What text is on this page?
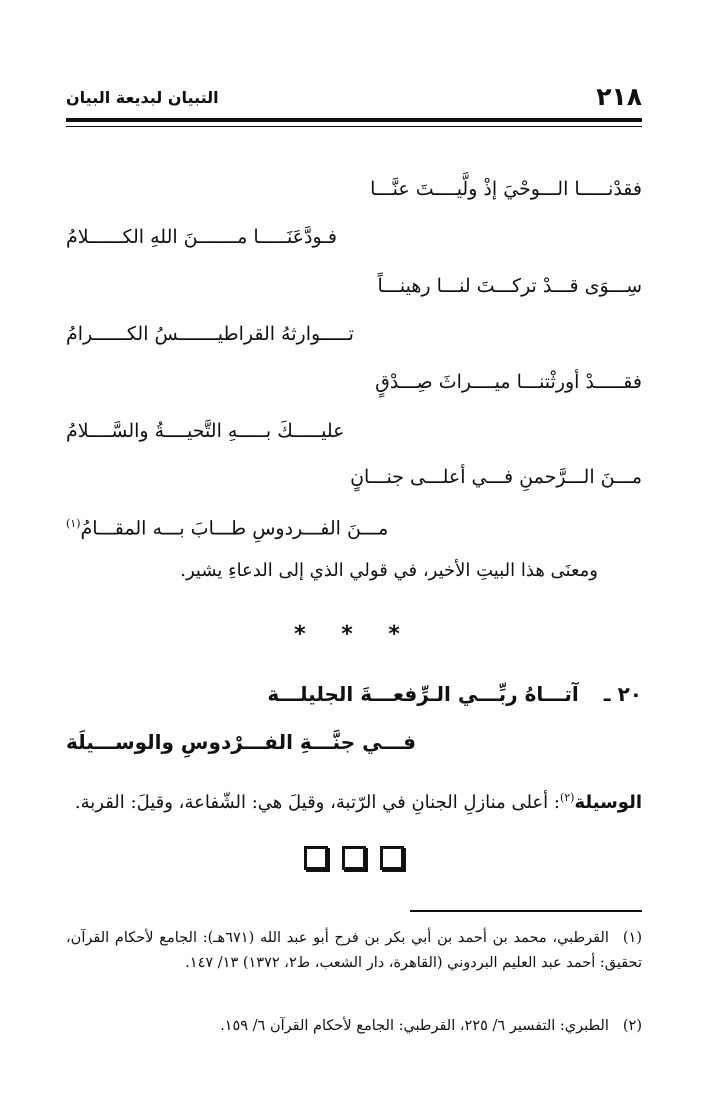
٢١٨
التبيان لبديعة البيان
فقدْنـــــا الـــوحْيَ إذْ ولَّيــــتَ عنَّـــا
فـودَّعَنَـــــا مـــــــنَ اللهِ الكــــــلامُ
سِـــوَى قـــدْ تركـــتَ لنـــا رهينـــاً
تـــــوارثهُ القراطيـــــــسُ الكــــــرامُ
فقـــــدْ أورثْتنـــا ميــــراثَ صِـــدْقٍ
عليـــــكَ بـــــهِ التَّحيــــةُ والسَّــــلامُ
مـــنَ الـــرَّحمنِ فـــي أعلـــى جنـــانٍ
مـــنَ الفـــردوسِ طـــابَ بـــه المقـــامُ$^{(١)}$
ومعنَى هذا البيتِ الأخير، في قولي الذي إلى الدعاءِ يشير.
* * *
٢٠ ـ آتـــاهُ ربِّـــي الـرِّفعـــةَ الجليلـــة
فـــي جنَّـــةِ الفـــرْدوسِ والوســـيلَة
الوسيلة$^{(٢)}$: أعلى منازلِ الجنانِ في الرّتبة، وقيلَ هي: الشّفاعة، وقيلَ: القربة.
(١)القرطبي، محمد بن أحمد بن أبي بكر بن فرح أبو عبد الله (٦٧١هـ): الجامع لأحكام القرآن، تحقيق: أحمد عبد العليم البردوني (القاهرة، دار الشعب، ط٢، ١٣٧٢) ١٣/ ١٤٧.
(٢)الطبري: التفسير ٦/ ٢٢٥، القرطبي: الجامع لأحكام القرآن ٦/ ١٥٩.
